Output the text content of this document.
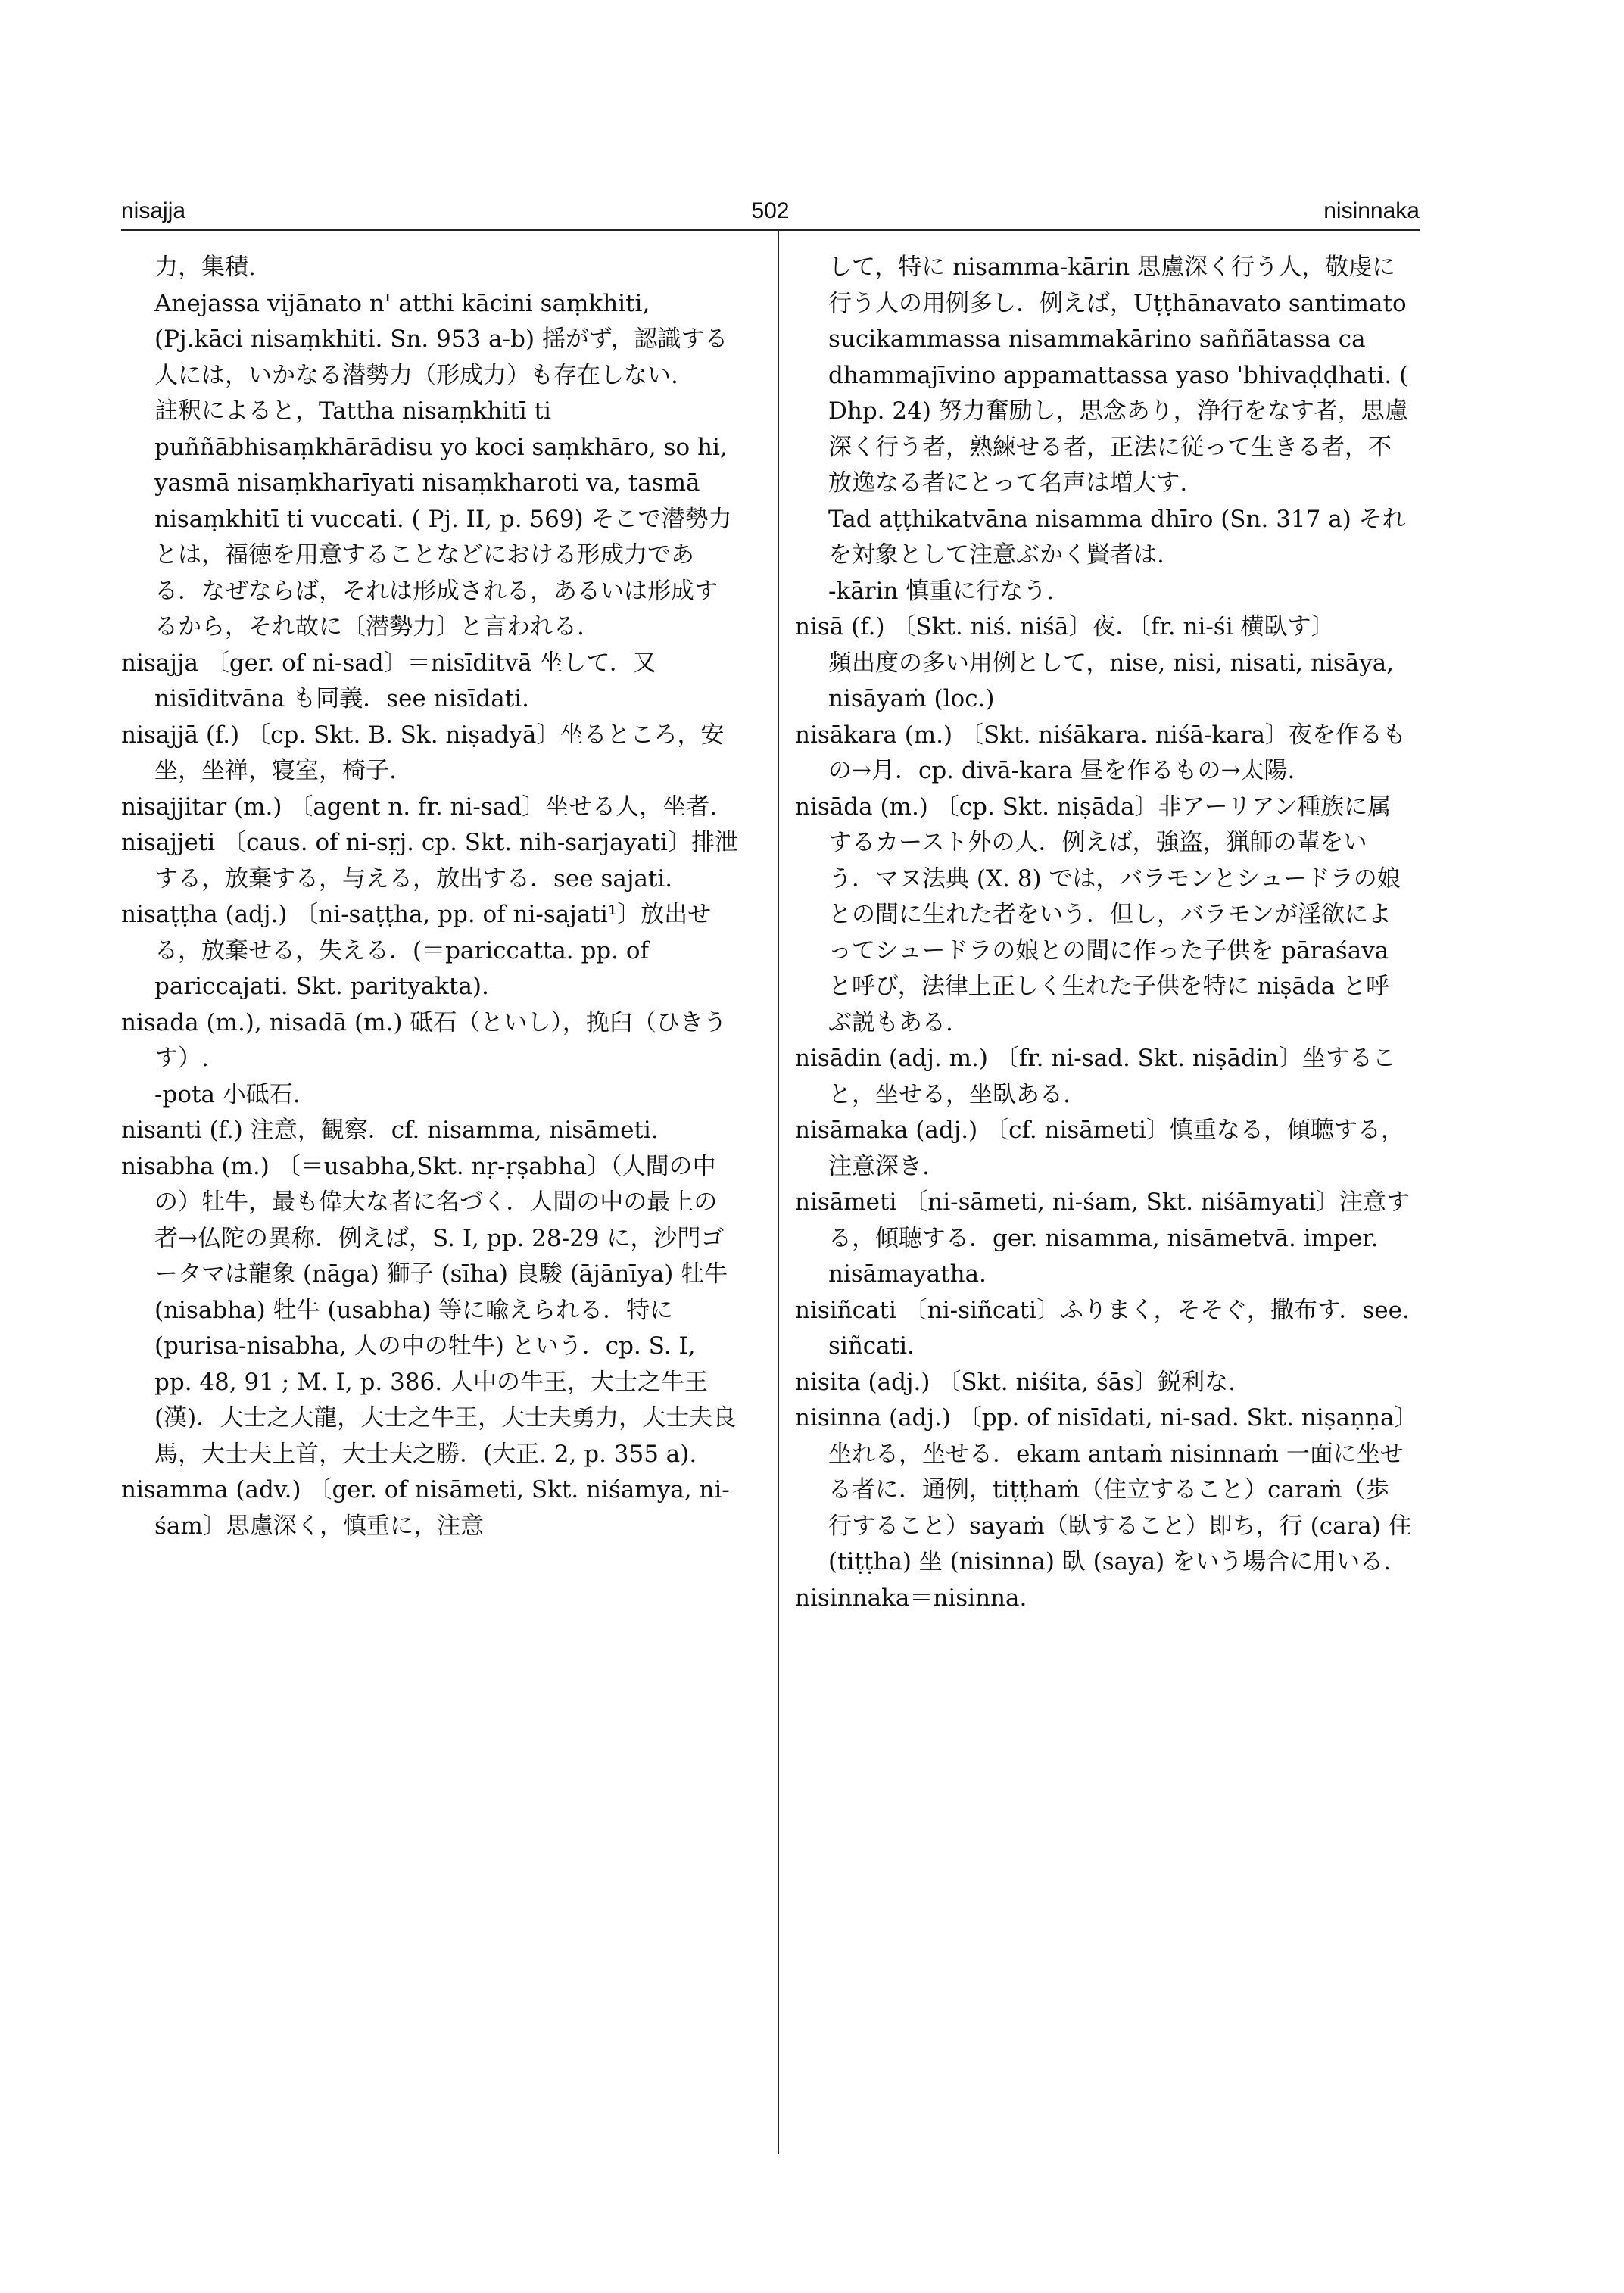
nisajja	502	nisinnaka

力，集積.

Anejassa vijānato n' atthi kācini saṃkhiti, (Pj.kāci nisaṃkhiti. Sn. 953 a-b) 揺がず，認識する人には，いかなる潜勢力（形成力）も存在しない.

註釈によると，Tattha nisaṃkhitī ti puññābhisaṃkhārādisu yo koci saṃkhāro, so hi, yasmā nisaṃkharīyati nisaṃkharoti va, tasmā nisaṃkhitī ti vuccati. ( Pj. II, p. 569) そこで潜勢力とは，福徳を用意することなどにおける形成力である．なぜならば，それは形成される，あるいは形成するから，それ故に〔潜勢力〕と言われる.

nisajja 〔ger. of ni-sad〕＝nisīditvā 坐して．又 nisīditvāna も同義．see nisīdati.

nisajjā (f.) 〔cp. Skt. B. Sk. niṣadyā〕坐るところ，安坐，坐禅，寝室，椅子.

nisajjitar (m.) 〔agent n. fr. ni-sad〕坐せる人，坐者.

nisajjeti 〔caus. of ni-sṛj. cp. Skt. nih-sarjayati〕排泄する，放棄する，与える，放出する．see sajati.

nisaṭṭha (adj.) 〔ni-saṭṭha, pp. of ni-sajati¹〕放出せる，放棄せる，失える．(＝pariccatta. pp. of pariccajati. Skt. parityakta).

nisada (m.), nisadā (m.) 砥石（といし），挽臼（ひきうす）.

-pota 小砥石.

nisanti (f.) 注意，観察．cf. nisamma, nisāmeti.

nisabha (m.) 〔＝usabha,Skt. nṛ-ṛṣabha〕（人間の中の）牡牛，最も偉大な者に名づく．人間の中の最上の者→仏陀の異称．例えば，S. I, pp. 28-29 に，沙門ゴータマは龍象 (nāga) 獅子 (sīha) 良駿 (ājānīya) 牡牛 (nisabha) 牡牛 (usabha) 等に喩えられる．特に (purisa-nisabha, 人の中の牡牛) という．cp. S. I, pp. 48, 91 ; M. I, p. 386. 人中の牛王，大士之牛王 (漢)．大士之大龍，大士之牛王，大士夫勇力，大士夫良馬，大士夫上首，大士夫之勝．(大正. 2, p. 355 a).

nisamma (adv.) 〔ger. of nisāmeti, Skt. niśamya, ni-śam〕思慮深く，慎重に，注意

して，特に nisamma-kārin 思慮深く行う人，敬虔に行う人の用例多し．例えば，Uṭṭhānavato santimato sucikammassa nisammakārino saññātassa ca dhammajīvino appamattassa yaso 'bhivaḍḍhati. ( Dhp. 24) 努力奮励し，思念あり，浄行をなす者，思慮深く行う者，熟練せる者，正法に従って生きる者，不放逸なる者にとって名声は増大す.

Tad aṭṭhikatvāna nisamma dhīro (Sn. 317 a) それを対象として注意ぶかく賢者は.

-kārin 慎重に行なう.

nisā (f.) 〔Skt. niś. niśā〕夜．〔fr. ni-śi 横臥す〕

頻出度の多い用例として，nise, nisi, nisati, nisāya, nisāyaṁ (loc.)

nisākara (m.) 〔Skt. niśākara. niśā-kara〕夜を作るもの→月．cp. divā-kara 昼を作るもの→太陽.

nisāda (m.) 〔cp. Skt. niṣāda〕非アーリアン種族に属するカースト外の人．例えば，強盗，猟師の輩をいう．マヌ法典 (X. 8) では，バラモンとシュードラの娘との間に生れた者をいう．但し，バラモンが淫欲によってシュードラの娘との間に作った子供を pāraśava と呼び，法律上正しく生れた子供を特に niṣāda と呼ぶ説もある.

nisādin (adj. m.) 〔fr. ni-sad. Skt. niṣādin〕坐すること，坐せる，坐臥ある.

nisāmaka (adj.) 〔cf. nisāmeti〕慎重なる，傾聴する，注意深き.

nisāmeti 〔ni-sāmeti, ni-śam, Skt. niśāmyati〕注意する，傾聴する．ger. nisamma, nisāmetvā. imper. nisāmayatha.

nisiñcati 〔ni-siñcati〕ふりまく，そそぐ，撒布す．see. siñcati.

nisita (adj.) 〔Skt. niśita, śās〕鋭利な.

nisinna (adj.) 〔pp. of nisīdati, ni-sad. Skt. niṣaṇṇa〕坐れる，坐せる．ekam antaṁ nisinnaṁ 一面に坐せる者に．通例，tiṭṭhaṁ（住立すること）caraṁ（歩行すること）sayaṁ（臥すること）即ち，行 (cara) 住 (tiṭṭha) 坐 (nisinna) 臥 (saya) をいう場合に用いる.

nisinnaka＝nisinna.
